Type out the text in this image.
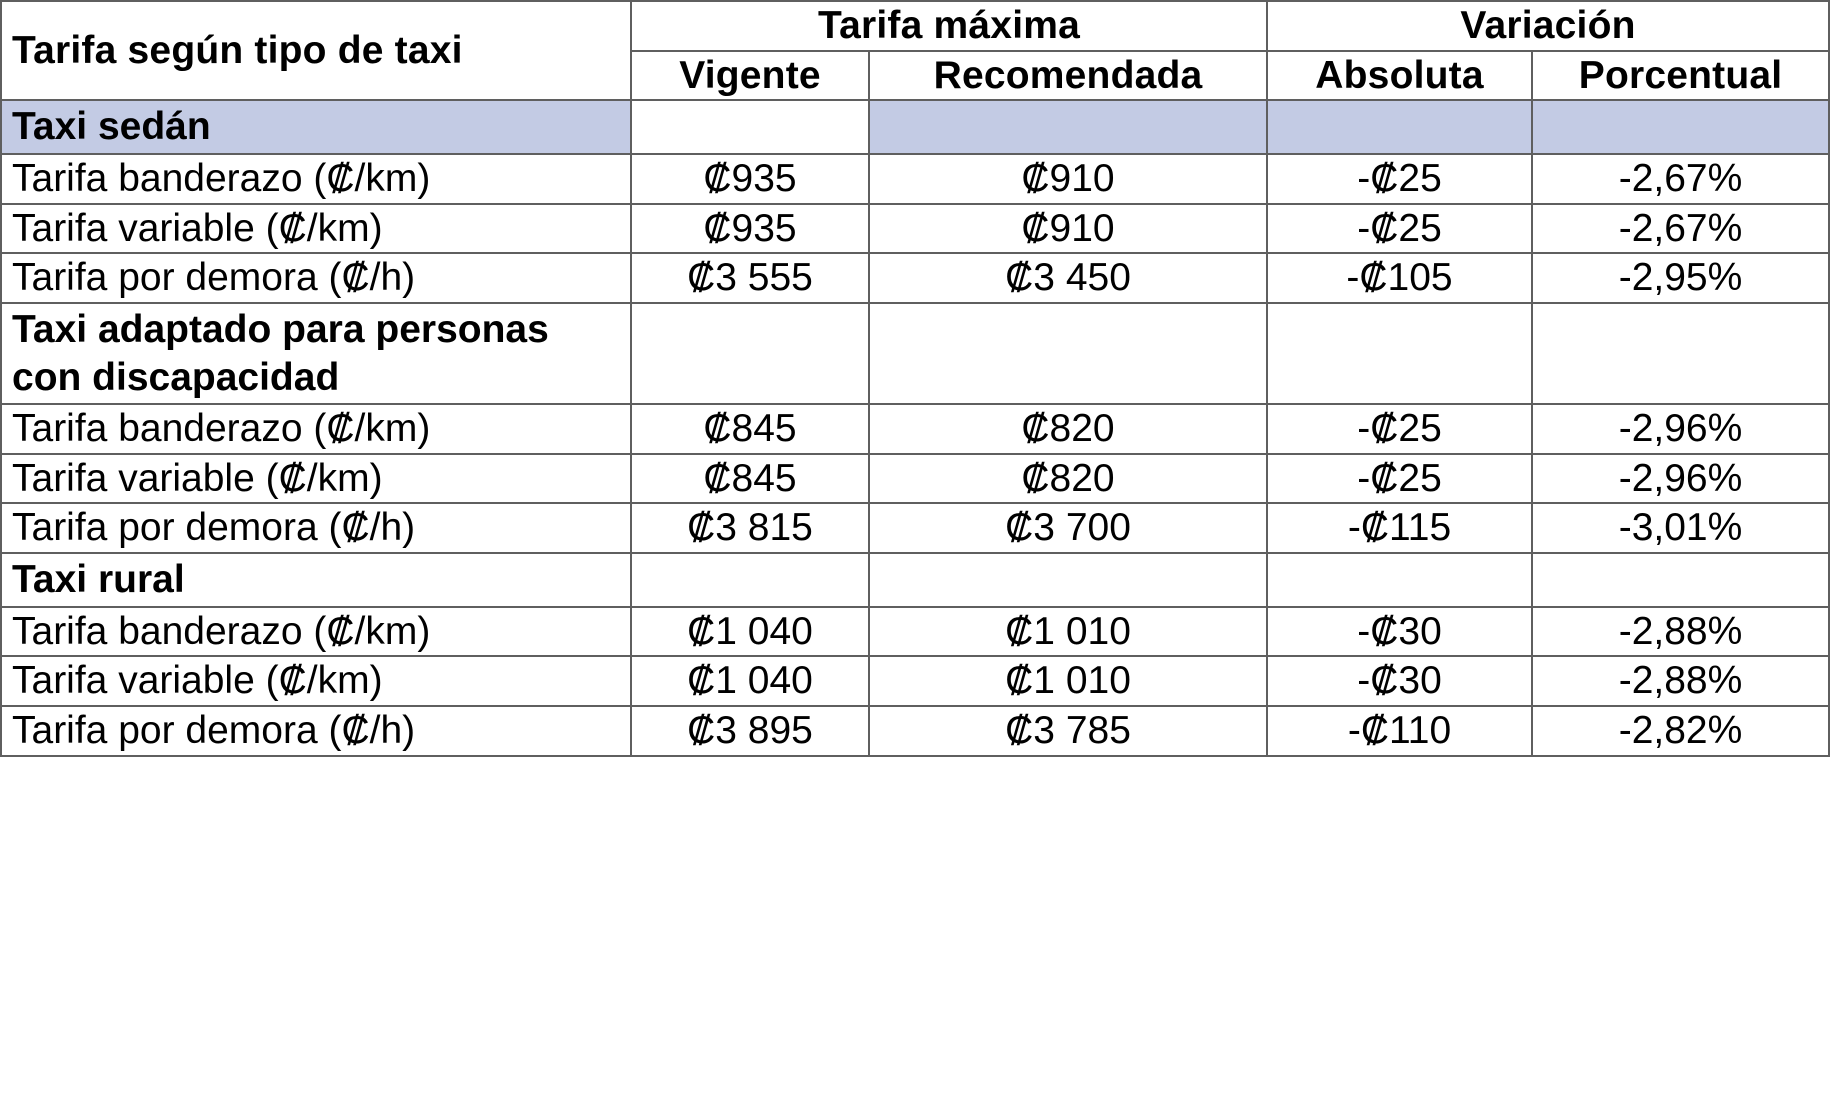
Tarifa según tipo de taxi	Tarifa máxima		Variación	
	Vigente	Recomendada	Absoluta	Porcentual
Taxi sedán				
Tarifa banderazo (₡/km)	₡935	₡910	-₡25	-2,67%
Tarifa variable (₡/km)	₡935	₡910	-₡25	-2,67%
Tarifa por demora (₡/h)	₡3 555	₡3 450	-₡105	-2,95%
Taxi adaptado para personas con discapacidad				
Tarifa banderazo (₡/km)	₡845	₡820	-₡25	-2,96%
Tarifa variable (₡/km)	₡845	₡820	-₡25	-2,96%
Tarifa por demora (₡/h)	₡3 815	₡3 700	-₡115	-3,01%
Taxi rural				
Tarifa banderazo (₡/km)	₡1 040	₡1 010	-₡30	-2,88%
Tarifa variable (₡/km)	₡1 040	₡1 010	-₡30	-2,88%
Tarifa por demora (₡/h)	₡3 895	₡3 785	-₡110	-2,82%
